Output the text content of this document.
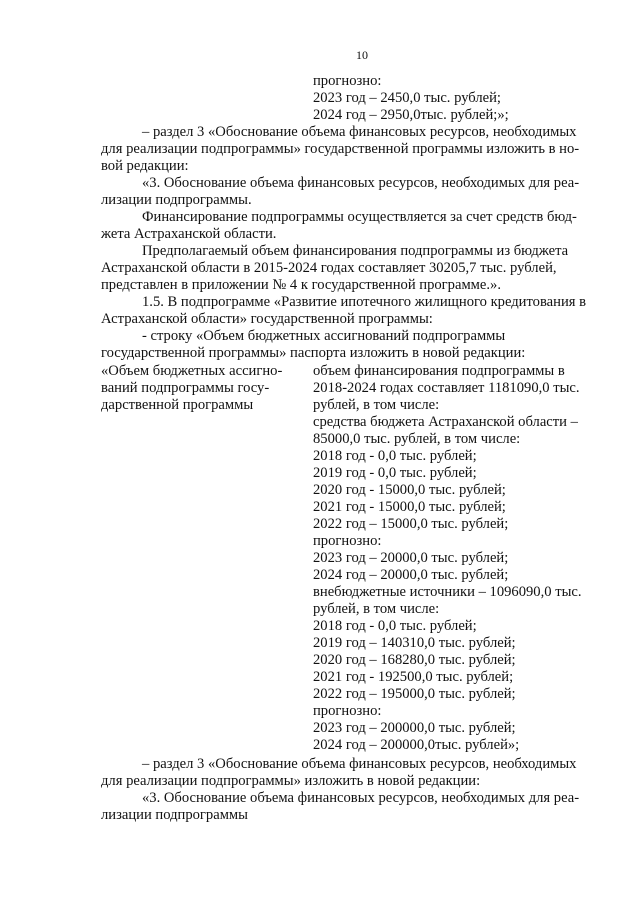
10
прогнозно:
2023 год – 2450,0 тыс. рублей;
2024 год – 2950,0тыс. рублей;»;
– раздел 3 «Обоснование объема финансовых ресурсов, необходимых
для реализации подпрограммы» государственной программы изложить в но-
вой редакции:
«3. Обоснование объема финансовых ресурсов, необходимых для реа-
лизации подпрограммы.
Финансирование подпрограммы осуществляется за счет средств бюд-
жета Астраханской области.
Предполагаемый объем финансирования подпрограммы из бюджета
Астраханской области в 2015-2024 годах составляет 30205,7 тыс. рублей,
представлен в приложении № 4 к государственной программе.».
1.5. В подпрограмме «Развитие ипотечного жилищного кредитования в
Астраханской области» государственной программы:
- строку «Объем бюджетных ассигнований подпрограммы
государственной программы» паспорта изложить в новой редакции:
«Объем бюджетных ассигно-
ваний подпрограммы госу-
дарственной программы
объем финансирования подпрограммы в
2018-2024 годах составляет 1181090,0 тыс.
рублей, в том числе:
средства бюджета Астраханской области –
85000,0 тыс. рублей, в том числе:
2018 год - 0,0 тыс. рублей;
2019 год - 0,0 тыс. рублей;
2020 год - 15000,0 тыс. рублей;
2021 год - 15000,0 тыс. рублей;
2022 год – 15000,0 тыс. рублей;
прогнозно:
2023 год – 20000,0 тыс. рублей;
2024 год – 20000,0 тыс. рублей;
внебюджетные источники – 1096090,0 тыс.
рублей, в том числе:
2018 год - 0,0 тыс. рублей;
2019 год – 140310,0 тыс. рублей;
2020 год – 168280,0 тыс. рублей;
2021 год - 192500,0 тыс. рублей;
2022 год – 195000,0 тыс. рублей;
прогнозно:
2023 год – 200000,0 тыс. рублей;
2024 год – 200000,0тыс. рублей»;
– раздел 3 «Обоснование объема финансовых ресурсов, необходимых
для реализации подпрограммы» изложить в новой редакции:
«3. Обоснование объема финансовых ресурсов, необходимых для реа-
лизации подпрограммы
